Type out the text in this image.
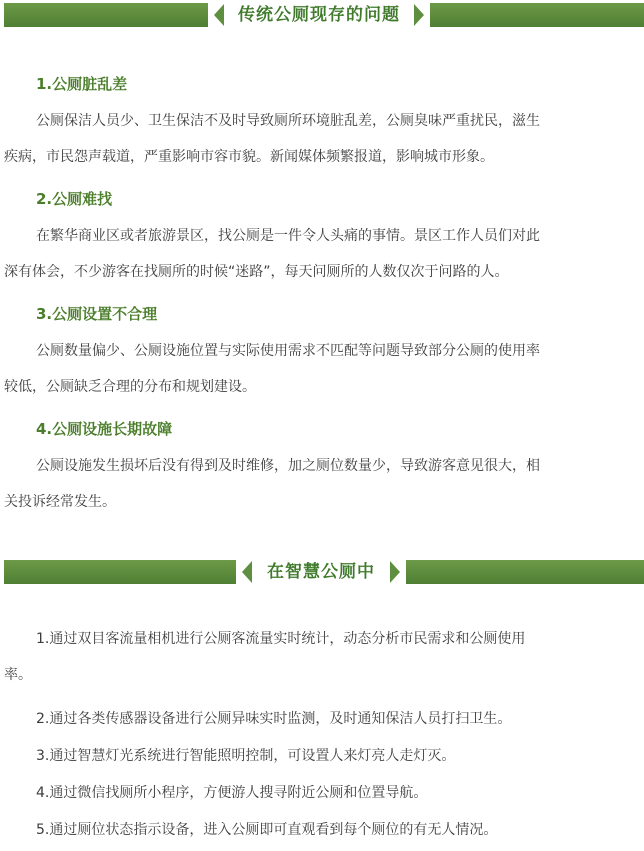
传统公厕现存的问题
1.公厕脏乱差
公厕保洁人员少、卫生保洁不及时导致厕所环境脏乱差，公厕臭味严重扰民，滋生
疾病，市民怨声载道，严重影响市容市貌。新闻媒体频繁报道，影响城市形象。
2.公厕难找
在繁华商业区或者旅游景区，找公厕是一件令人头痛的事情。景区工作人员们对此
深有体会，不少游客在找厕所的时候“迷路”，每天问厕所的人数仅次于问路的人。
3.公厕设置不合理
公厕数量偏少、公厕设施位置与实际使用需求不匹配等问题导致部分公厕的使用率
较低，公厕缺乏合理的分布和规划建设。
4.公厕设施长期故障
公厕设施发生损坏后没有得到及时维修，加之厕位数量少，导致游客意见很大，相
关投诉经常发生。
在智慧公厕中
1.通过双目客流量相机进行公厕客流量实时统计，动态分析市民需求和公厕使用
率。
2.通过各类传感器设备进行公厕异味实时监测，及时通知保洁人员打扫卫生。
3.通过智慧灯光系统进行智能照明控制，可设置人来灯亮人走灯灭。
4.通过微信找厕所小程序，方便游人搜寻附近公厕和位置导航。
5.通过厕位状态指示设备，进入公厕即可直观看到每个厕位的有无人情况。
